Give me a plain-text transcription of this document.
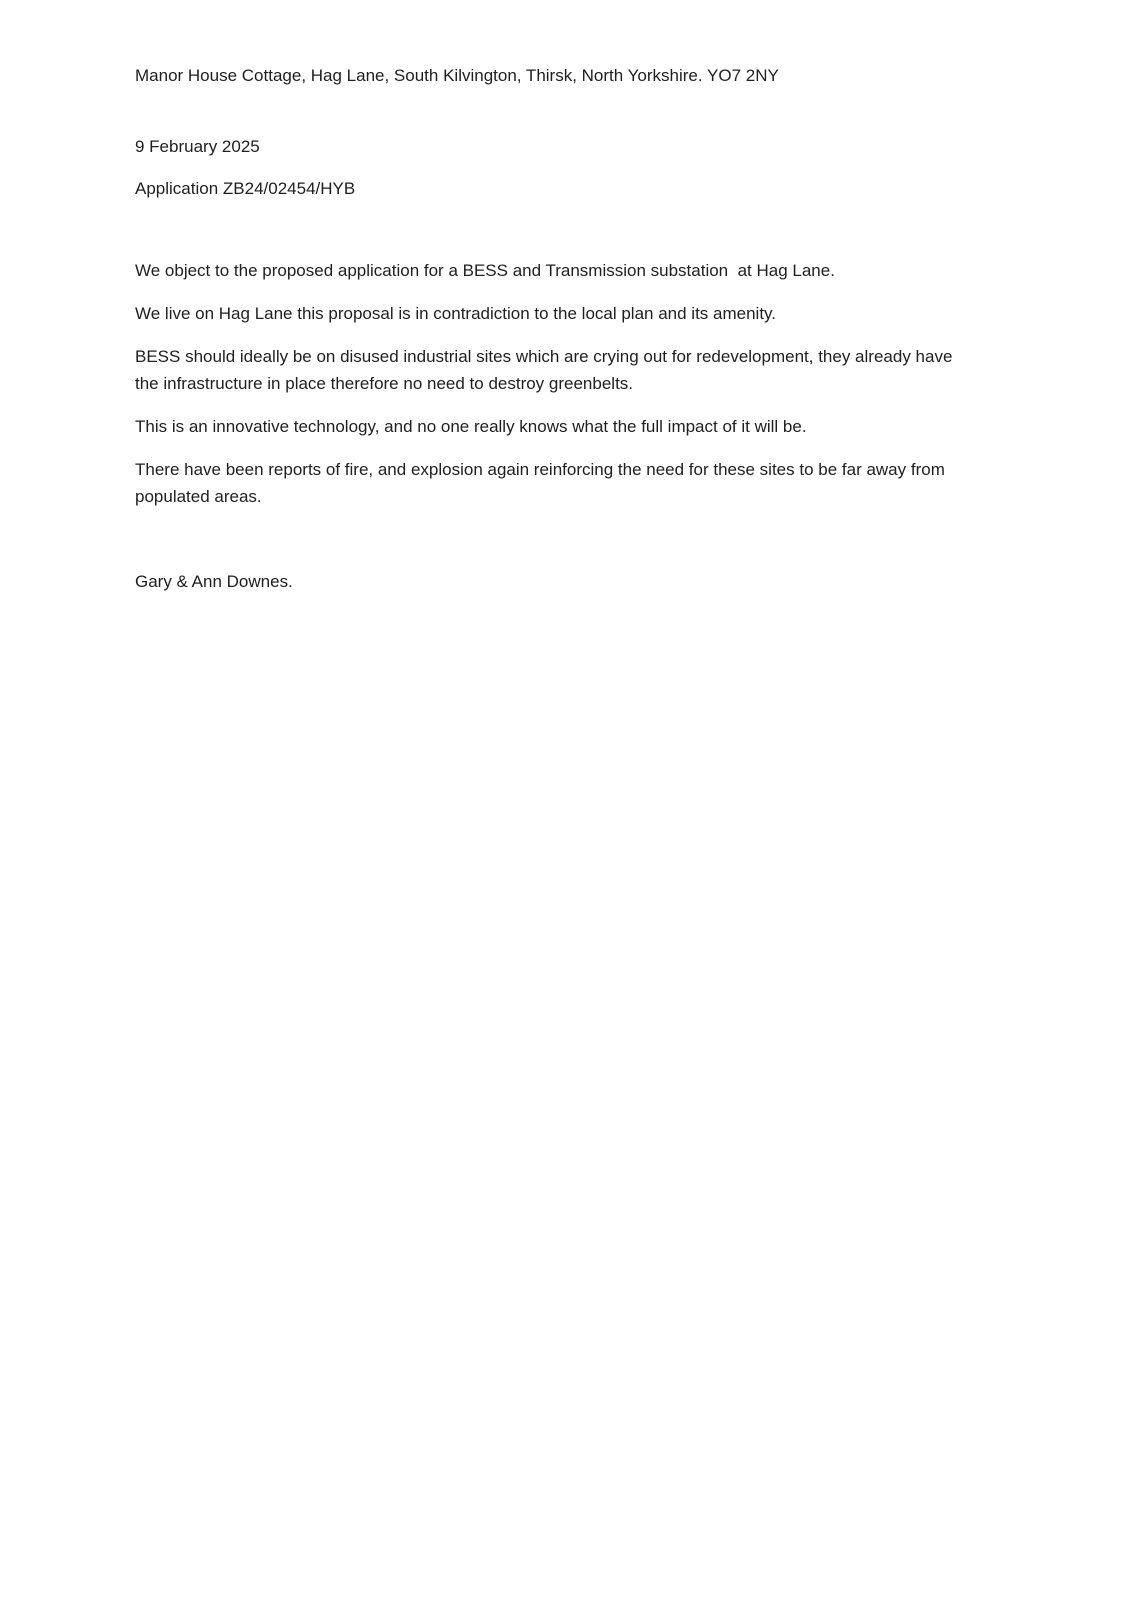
Manor House Cottage, Hag Lane, South Kilvington, Thirsk, North Yorkshire. YO7 2NY

9 February 2025

Application ZB24/02454/HYB

We object to the proposed application for a BESS and Transmission substation  at Hag Lane.

We live on Hag Lane this proposal is in contradiction to the local plan and its amenity.

BESS should ideally be on disused industrial sites which are crying out for redevelopment, they already have the infrastructure in place therefore no need to destroy greenbelts.

This is an innovative technology, and no one really knows what the full impact of it will be.

There have been reports of fire, and explosion again reinforcing the need for these sites to be far away from populated areas.

Gary & Ann Downes.
